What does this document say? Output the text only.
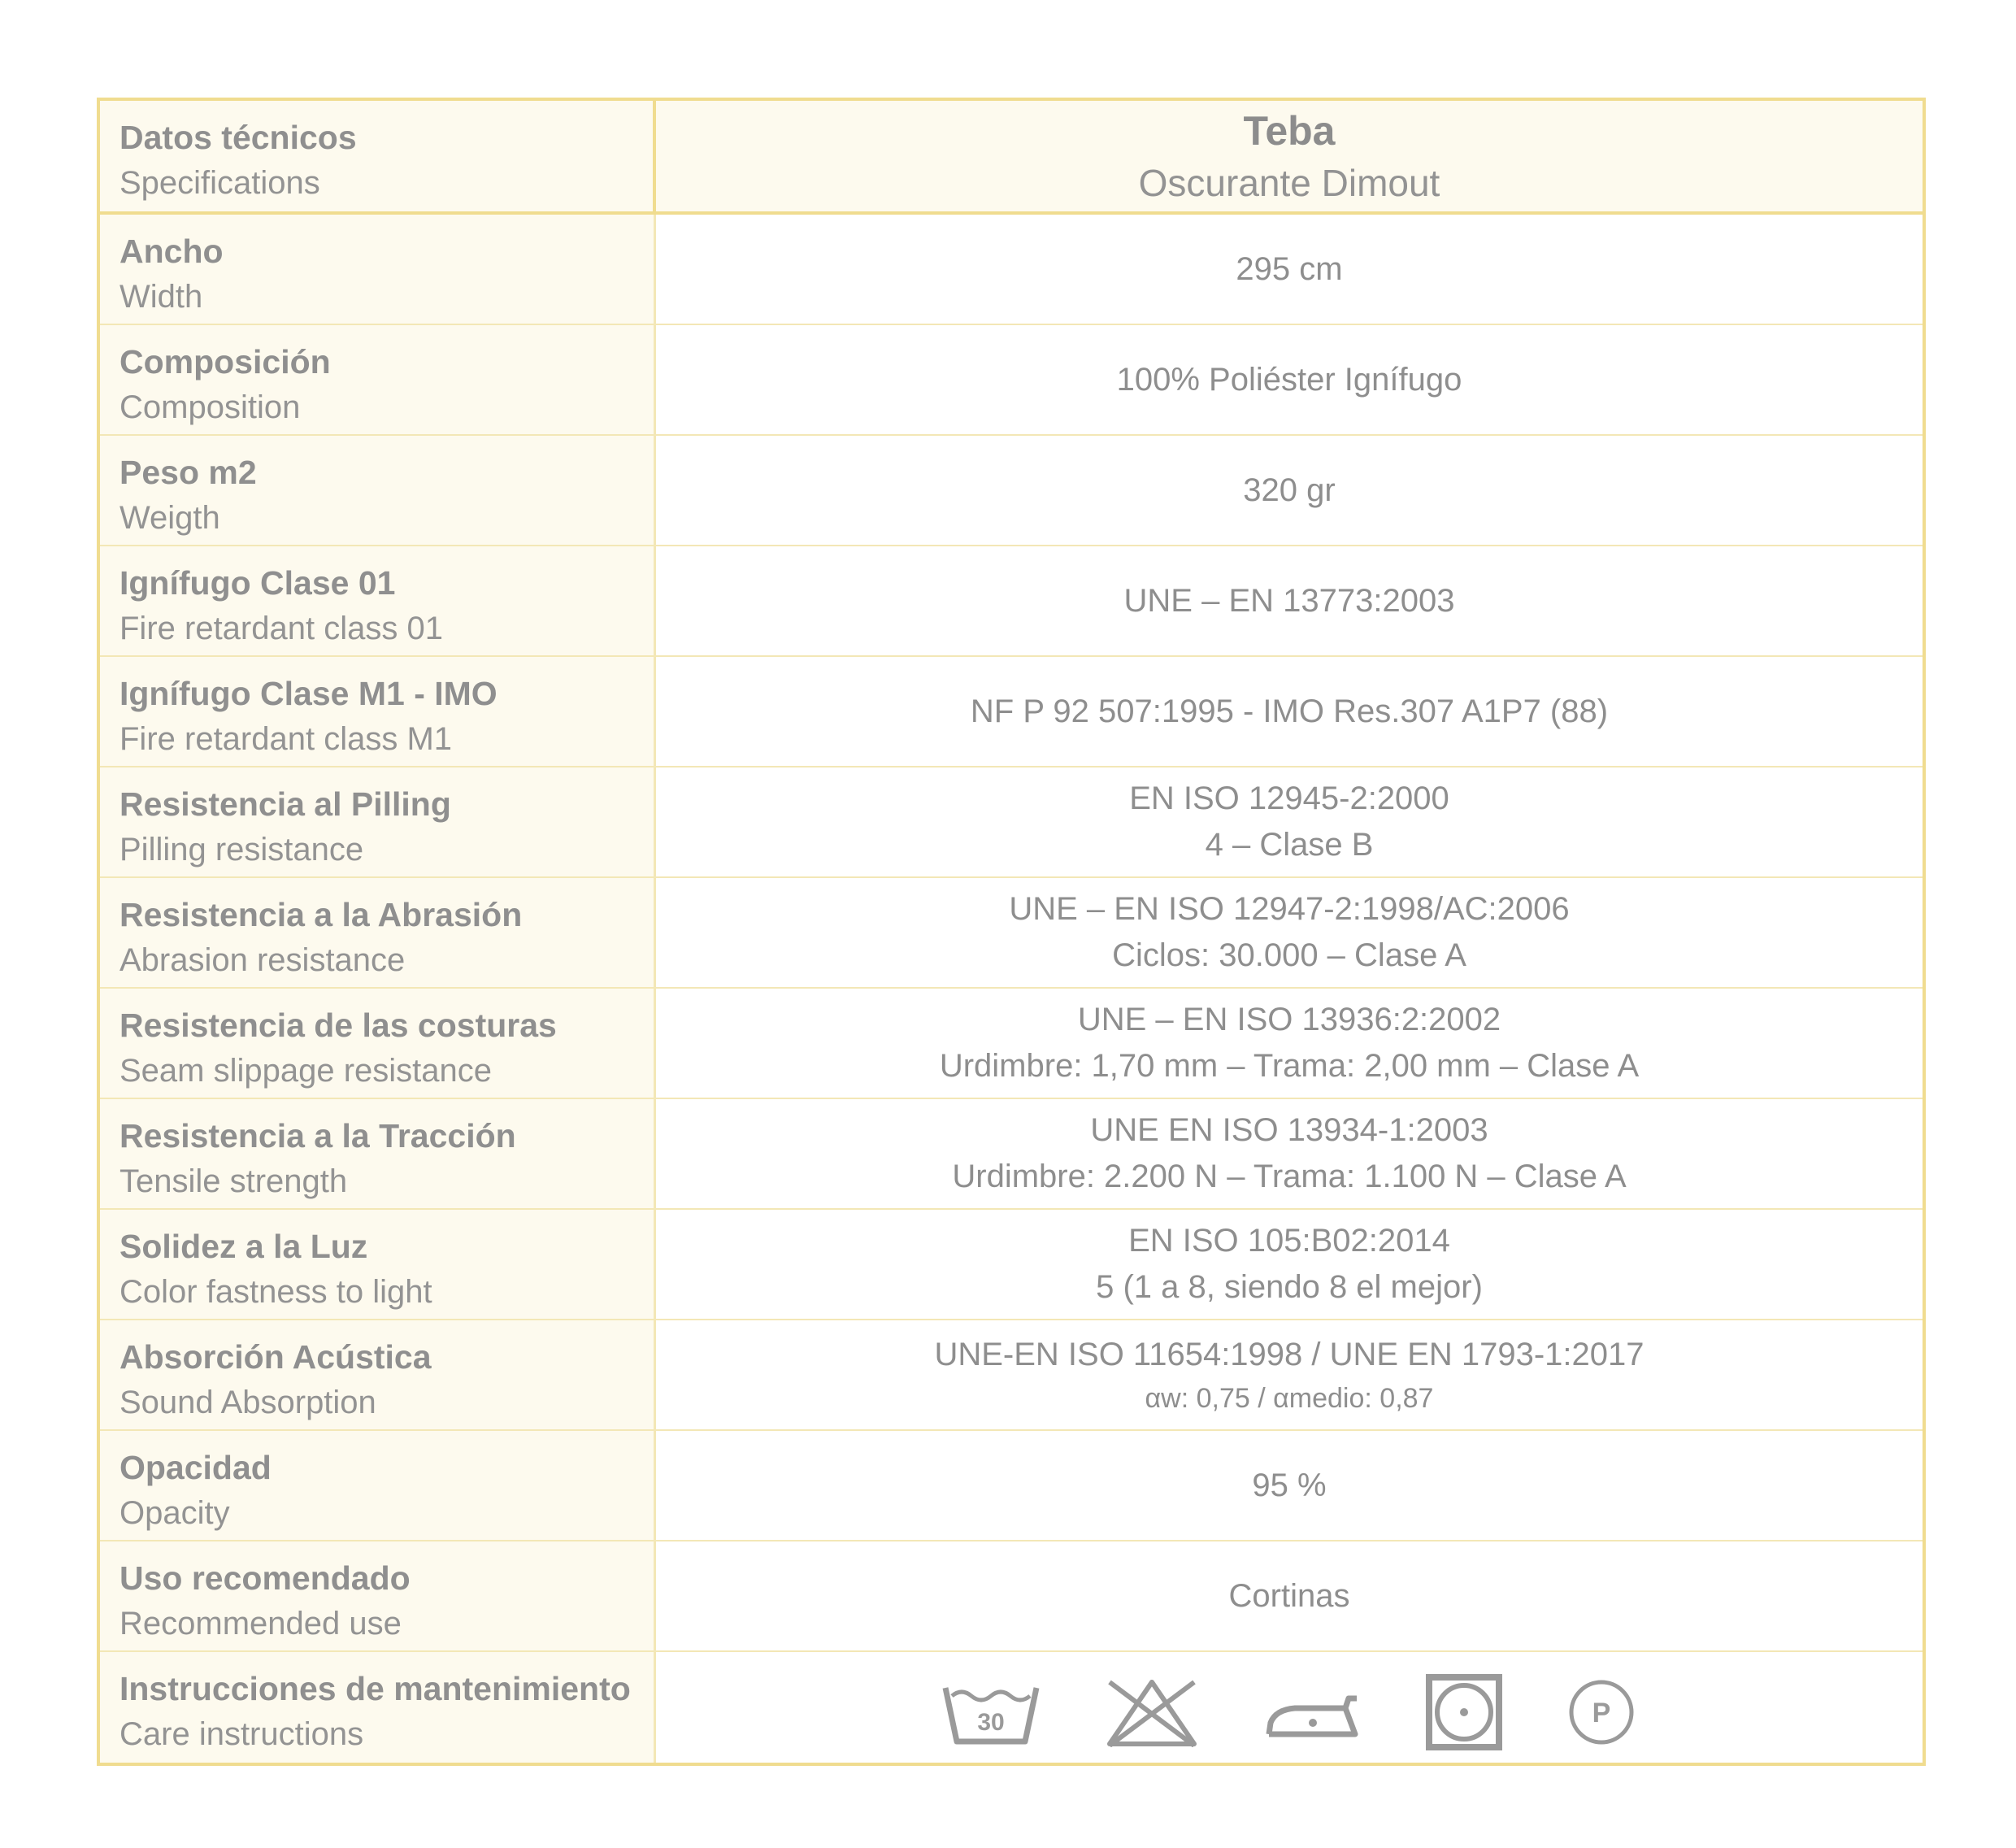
Datos técnicos
Specifications
Teba
Oscurante Dimout
Ancho
Width
295 cm
Composición
Composition
100% Poliéster Ignífugo
Peso m2
Weigth
320 gr
Ignífugo Clase 01
Fire retardant class 01
UNE – EN 13773:2003
Ignífugo Clase M1 - IMO
Fire retardant class M1
NF P 92 507:1995 - IMO Res.307 A1P7 (88)
Resistencia al Pilling
Pilling resistance
EN ISO 12945-2:2000
4 – Clase B
Resistencia a la Abrasión
Abrasion resistance
UNE – EN ISO 12947-2:1998/AC:2006
Ciclos: 30.000 – Clase A
Resistencia de las costuras
Seam slippage resistance
UNE – EN ISO 13936:2:2002
Urdimbre: 1,70 mm – Trama: 2,00 mm – Clase A
Resistencia a la Tracción
Tensile strength
UNE EN ISO 13934-1:2003
Urdimbre: 2.200 N – Trama: 1.100 N – Clase A
Solidez a la Luz
Color fastness to light
EN ISO 105:B02:2014
5 (1 a 8, siendo 8 el mejor)
Absorción Acústica
Sound Absorption
UNE-EN ISO 11654:1998 / UNE EN 1793-1:2017
αw: 0,75 / αmedio: 0,87
Opacidad
Opacity
95 %
Uso recomendado
Recommended use
Cortinas
Instrucciones de mantenimiento
Care instructions	30	P
